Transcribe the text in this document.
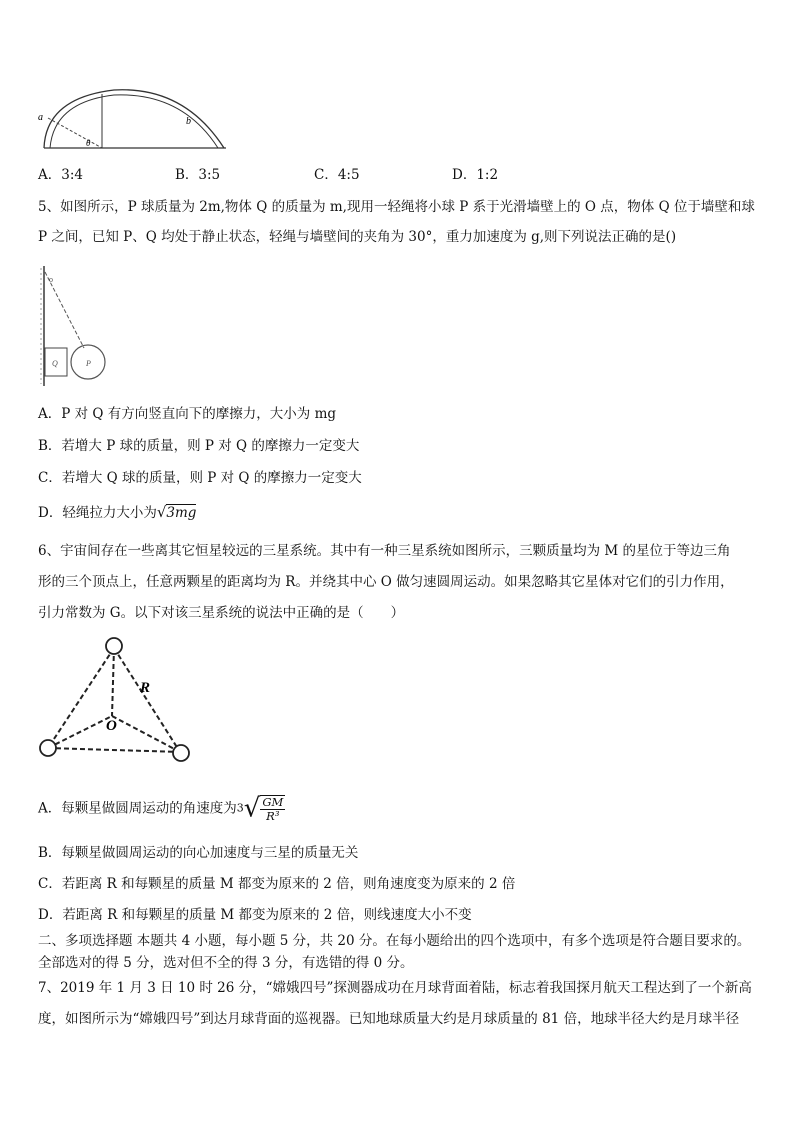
a	b
θ
A．3:4	B．3:5	C．4:5	D．1:2
5、如图所示，P 球质量为 2m,物体 Q 的质量为 m,现用一轻绳将小球 P 系于光滑墙壁上的 O 点，物体 Q 位于墙壁和球
P 之间，已知 P、Q 均处于静止状态，轻绳与墙壁间的夹角为 30°，重力加速度为 g,则下列说法正确的是()
o
Q	P
A．P 对 Q 有方向竖直向下的摩擦力，大小为 mg
B．若增大 P 球的质量，则 P 对 Q 的摩擦力一定变大
C．若增大 Q 球的质量，则 P 对 Q 的摩擦力一定变大
D．轻绳拉力大小为√3mg
6、宇宙间存在一些离其它恒星较远的三星系统。其中有一种三星系统如图所示，三颗质量均为 M 的星位于等边三角
形的三个顶点上，任意两颗星的距离均为 R。并绕其中心 O 做匀速圆周运动。如果忽略其它星体对它们的引力作用，
引力常数为 G。以下对该三星系统的说法中正确的是（　　）
R
O
A．每颗星做圆周运动的角速度为$3√ \frac{GM}{\text{R³}}$
B．每颗星做圆周运动的向心加速度与三星的质量无关
C．若距离 R 和每颗星的质量 M 都变为原来的 2 倍，则角速度变为原来的 2 倍
D．若距离 R 和每颗星的质量 M 都变为原来的 2 倍，则线速度大小不变
二、多项选择题 本题共 4 小题，每小题 5 分，共 20 分。在每小题给出的四个选项中，有多个选项是符合题目要求的。
全部选对的得 5 分，选对但不全的得 3 分，有选错的得 0 分。
7、2019 年 1 月 3 日 10 时 26 分，“嫦娥四号”探测器成功在月球背面着陆，标志着我国探月航天工程达到了一个新高
度，如图所示为“嫦娥四号”到达月球背面的巡视器。已知地球质量大约是月球质量的 81 倍，地球半径大约是月球半径
